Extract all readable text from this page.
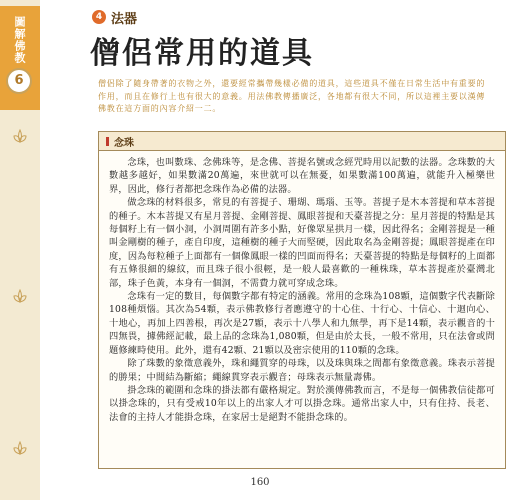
圖解佛教
6
4 法器
僧侶常用的道具
僧侶除了隨身帶著的衣物之外，還要經常攜帶幾樣必備的道具，這些道具不僅在日常生活中有重要的作用，而且在修行上也有很大的意義。用法佛教傳播廣泛，各地都有很大不同，所以這裡主要以漢傳佛教在這方面的內容介紹一二。
念珠

念珠，也叫數珠、念佛珠等，是念佛、菩提名號或念經咒時用以記數的法器。念珠數的大數越多越好，如果數滿20萬遍，來世就可以在無憂，如果數滿100萬遍，就能升入極樂世界，因此，修行者都把念珠作為必備的法器。

做念珠的材料很多，常見的有菩提子、珊瑚、瑪瑙、玉等。菩提子是木本菩提和草本菩提的種子。木本菩提又有星月菩提、金剛菩提、鳳眼菩提和天臺菩提之分：星月菩提的特點是其每個籽上有一個小洞，小洞周圍有許多小點，好像眾星拱月一樣，因此得名；金剛菩提是一種叫金剛樹的種子，產自印度，這種樹的種子大而堅硬，因此取名為金剛菩提；鳳眼菩提產在印度，因為每粒種子上面都有一個像鳳眼一樣的凹面而得名；天臺菩提的特點是每個籽的上面都有五條很細的線紋，而且珠子很小很輕，是一般人最喜歡的一種株珠，草本菩提產於臺灣北部，珠子色黃，本身有一個洞，不需費力就可穿成念珠。

念珠有一定的數目，每個數字都有特定的涵義。常用的念珠為108顆，這個數字代表斷除108種煩惱。其次為54顆，表示佛教修行者應遵守的十心住、十行心、十信心、十迴向心、十地心，再加上四善根，再次是27顆，表示十八學人和九無學，再下是14顆，表示觀音的十四無畏，據佛經記載，最上品的念珠為1,080顆，但是由於太長，一般不常用，只在法會或問題修練時使用。此外，還有42顆、21顆以及密宗使用的110顆的念珠。

除了珠數的象徵意義外，珠和繩質穿的母珠，以及珠與珠之間都有象徵意義。珠表示菩提的勝果；中間結為斷縮；繩線貫穿表示觀音；母珠表示無量壽佛。

掛念珠的範圍和念珠的掛法都有嚴格規定。對於漢傳佛教而言，不是每一個佛教信徒都可以掛念珠的，只有受戒10年以上的出家人才可以掛念珠。通常出家人中，只有住持、長老、法會的主持人才能掛念珠，在家居士是絕對不能掛念珠的。

160
